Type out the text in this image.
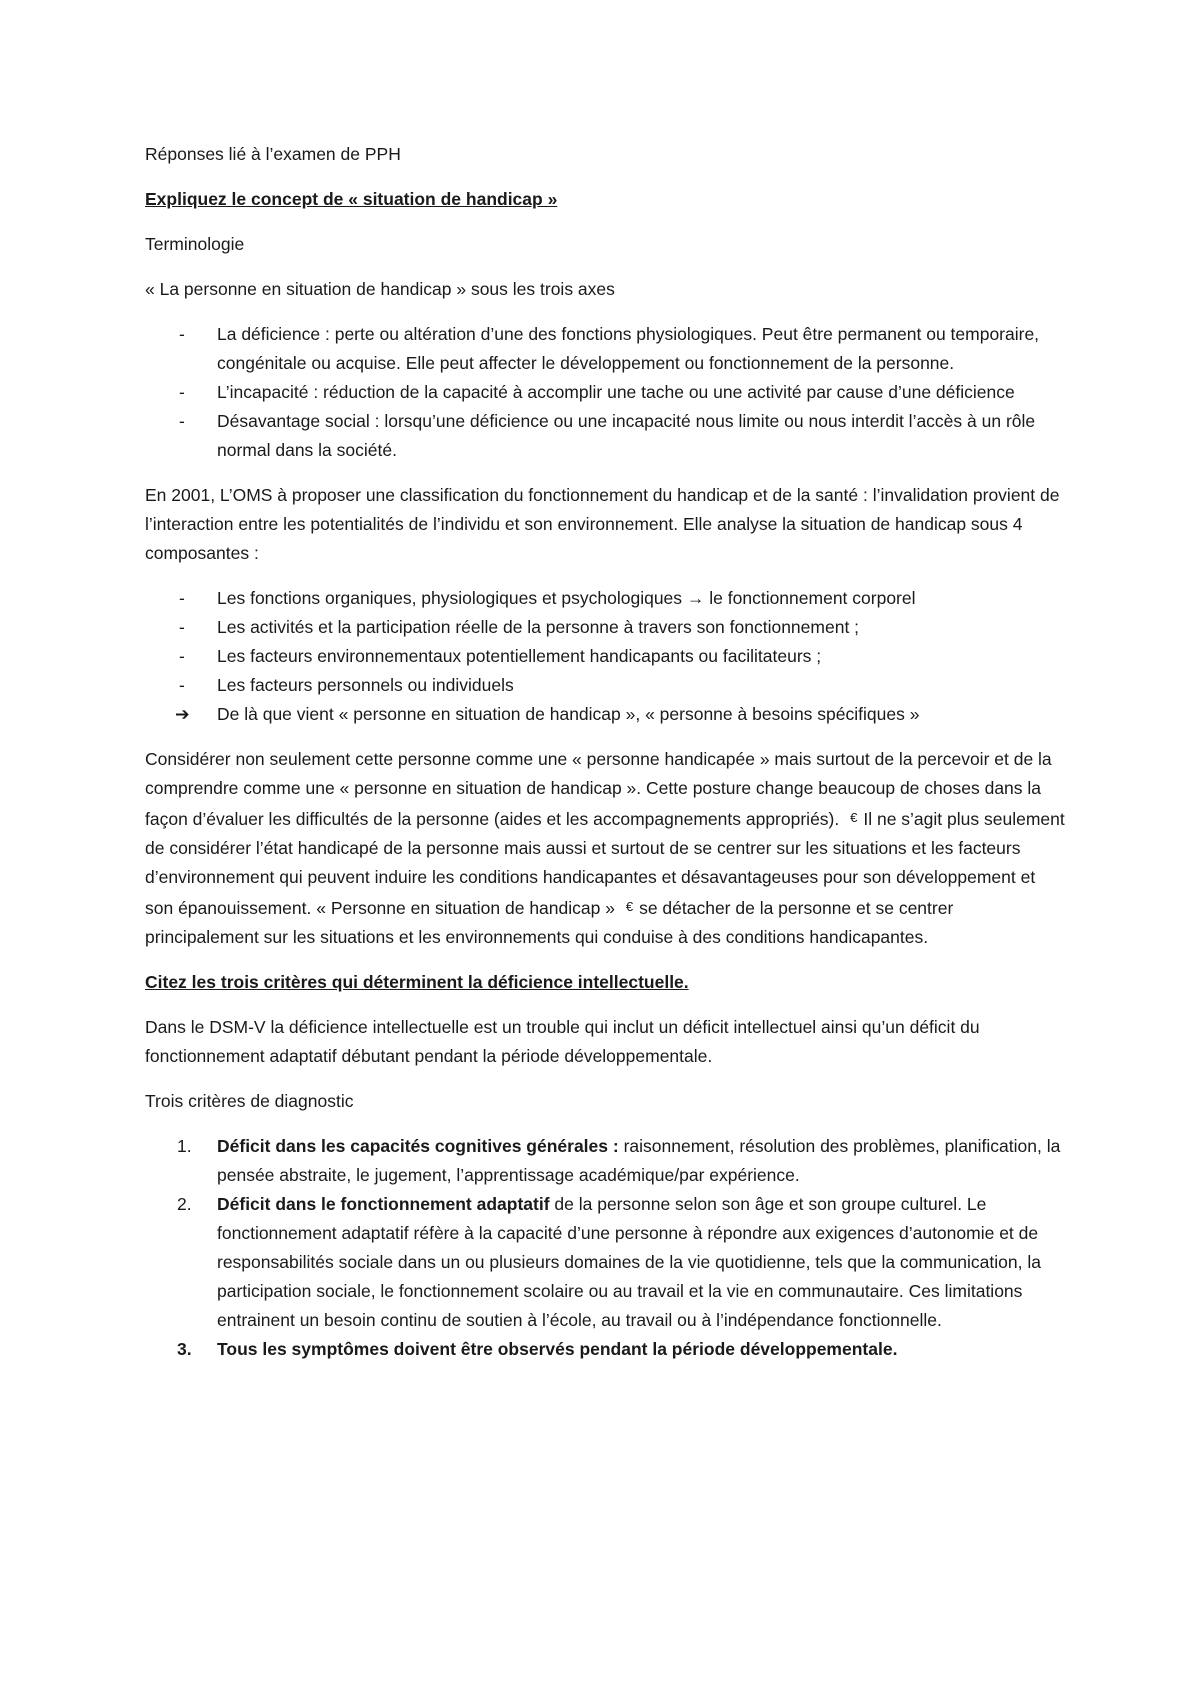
Réponses lié à l’examen de PPH

Expliquez le concept de « situation de handicap »

Terminologie

« La personne en situation de handicap » sous les trois axes

- La déficience : perte ou altération d’une des fonctions physiologiques. Peut être permanent ou temporaire, congénitale ou acquise. Elle peut affecter le développement ou fonctionnement de la personne.
- L’incapacité : réduction de la capacité à accomplir une tache ou une activité par cause d’une déficience
- Désavantage social : lorsqu’une déficience ou une incapacité nous limite ou nous interdit l’accès à un rôle normal dans la société.

En 2001, L’OMS à proposer une classification du fonctionnement du handicap et de la santé : l’invalidation provient de l’interaction entre les potentialités de l’individu et son environnement. Elle analyse la situation de handicap sous 4 composantes :

- Les fonctions organiques, physiologiques et psychologiques → le fonctionnement corporel
- Les activités et la participation réelle de la personne à travers son fonctionnement ;
- Les facteurs environnementaux potentiellement handicapants ou facilitateurs ;
- Les facteurs personnels ou individuels
➔ De là que vient « personne en situation de handicap », « personne à besoins spécifiques »

Considérer non seulement cette personne comme une « personne handicapée » mais surtout de la percevoir et de la comprendre comme une « personne en situation de handicap ». Cette posture change beaucoup de choses dans la façon d’évaluer les difficultés de la personne (aides et les accompagnements appropriés). € Il ne s’agit plus seulement de considérer l’état handicapé de la personne mais aussi et surtout de se centrer sur les situations et les facteurs d’environnement qui peuvent induire les conditions handicapantes et désavantageuses pour son développement et son épanouissement. « Personne en situation de handicap » € se détacher de la personne et se centrer principalement sur les situations et les environnements qui conduise à des conditions handicapantes.

Citez les trois critères qui déterminent la déficience intellectuelle.

Dans le DSM-V la déficience intellectuelle est un trouble qui inclut un déficit intellectuel ainsi qu’un déficit du fonctionnement adaptatif débutant pendant la période développementale.

Trois critères de diagnostic

1. Déficit dans les capacités cognitives générales : raisonnement, résolution des problèmes, planification, la pensée abstraite, le jugement, l’apprentissage académique/par expérience.
2. Déficit dans le fonctionnement adaptatif de la personne selon son âge et son groupe culturel. Le fonctionnement adaptatif réfère à la capacité d’une personne à répondre aux exigences d’autonomie et de responsabilités sociale dans un ou plusieurs domaines de la vie quotidienne, tels que la communication, la participation sociale, le fonctionnement scolaire ou au travail et la vie en communautaire. Ces limitations entrainent un besoin continu de soutien à l’école, au travail ou à l’indépendance fonctionnelle.
3. Tous les symptômes doivent être observés pendant la période développementale.
